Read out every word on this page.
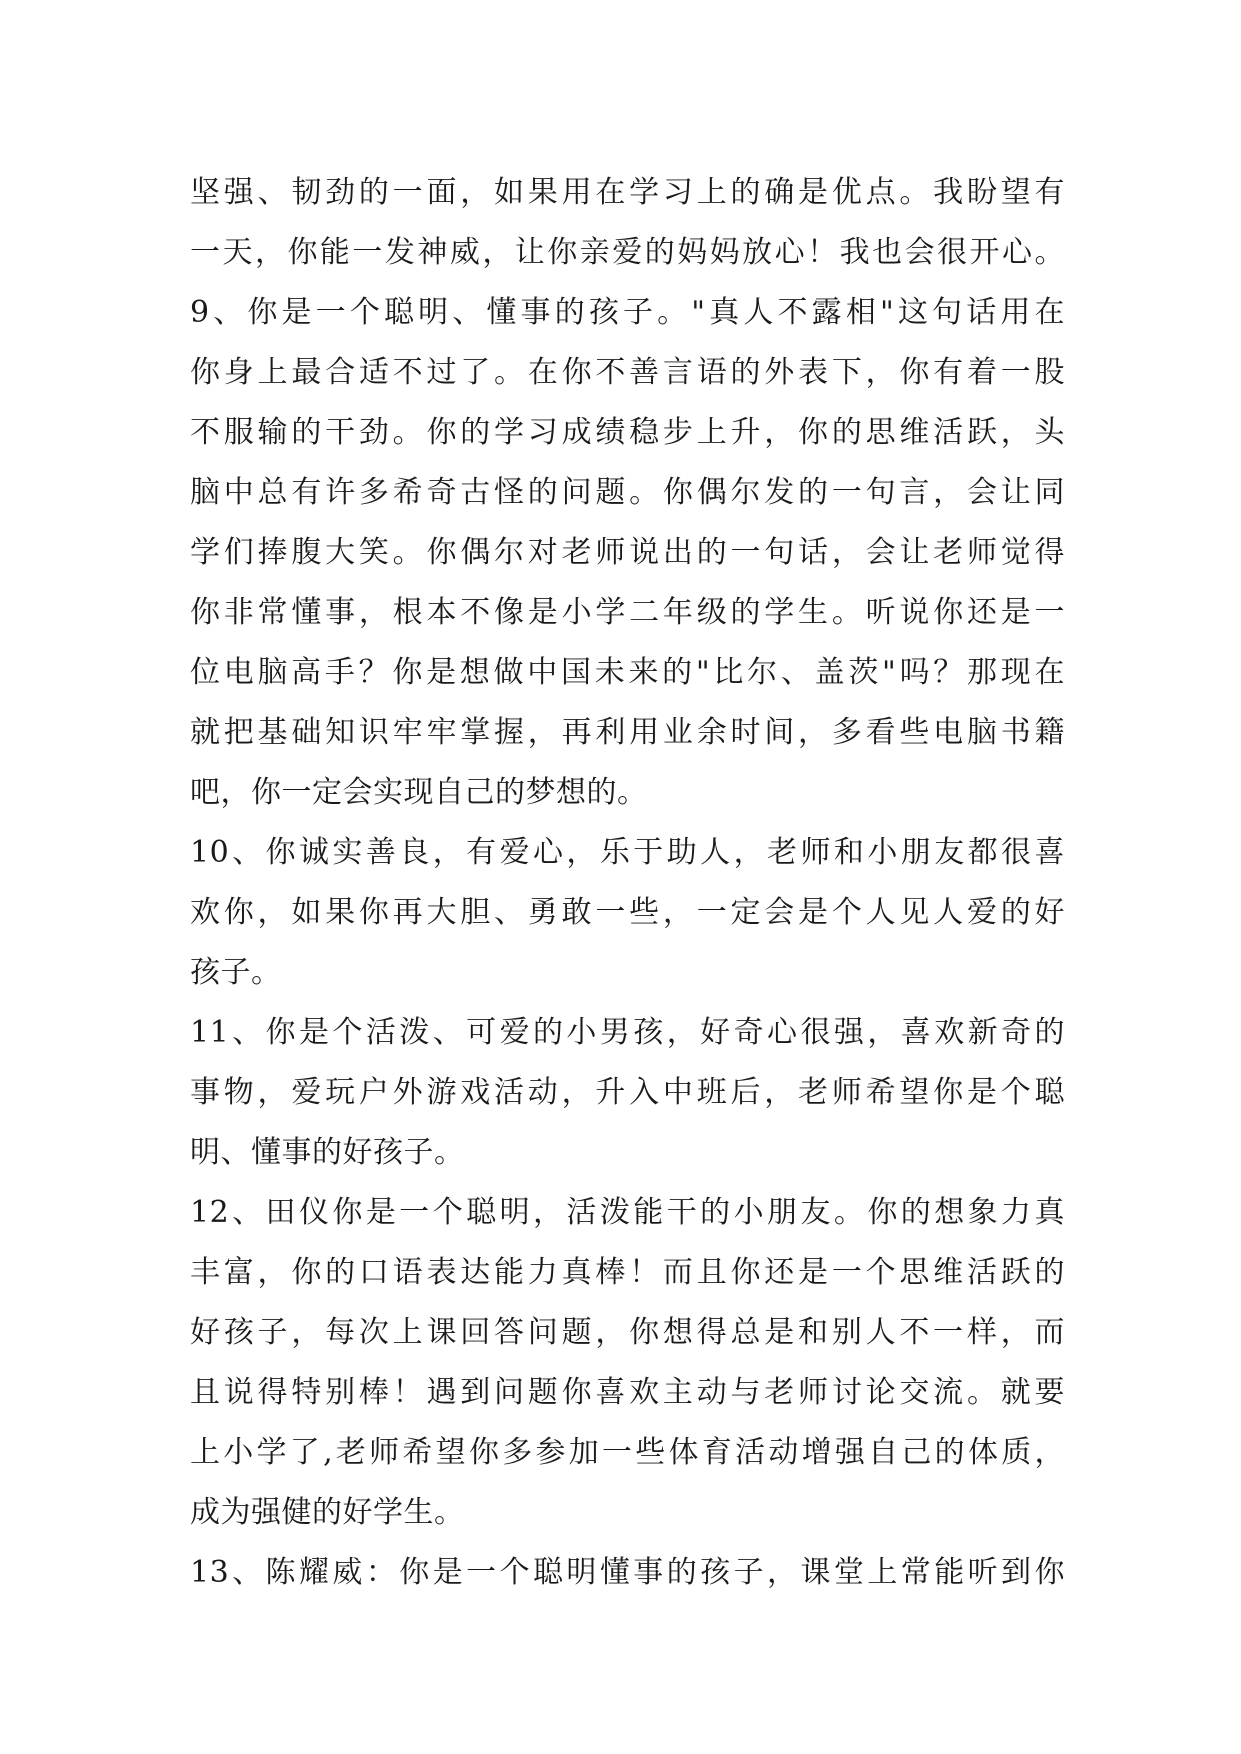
坚强、韧劲的一面，如果用在学习上的确是优点。我盼望有
一天，你能一发神威，让你亲爱的妈妈放心！我也会很开心。
9、你是一个聪明、懂事的孩子。"真人不露相"这句话用在
你身上最合适不过了。在你不善言语的外表下，你有着一股
不服输的干劲。你的学习成绩稳步上升，你的思维活跃，头
脑中总有许多希奇古怪的问题。你偶尔发的一句言，会让同
学们捧腹大笑。你偶尔对老师说出的一句话，会让老师觉得
你非常懂事，根本不像是小学二年级的学生。听说你还是一
位电脑高手？你是想做中国未来的"比尔、盖茨"吗？那现在
就把基础知识牢牢掌握，再利用业余时间，多看些电脑书籍
吧，你一定会实现自己的梦想的。
10、你诚实善良，有爱心，乐于助人，老师和小朋友都很喜
欢你，如果你再大胆、勇敢一些，一定会是个人见人爱的好
孩子。
11、你是个活泼、可爱的小男孩，好奇心很强，喜欢新奇的
事物，爱玩户外游戏活动，升入中班后，老师希望你是个聪
明、懂事的好孩子。
12、田仪你是一个聪明，活泼能干的小朋友。你的想象力真
丰富，你的口语表达能力真棒！而且你还是一个思维活跃的
好孩子，每次上课回答问题，你想得总是和别人不一样，而
且说得特别棒！遇到问题你喜欢主动与老师讨论交流。就要
上小学了,老师希望你多参加一些体育活动增强自己的体质，
成为强健的好学生。
13、陈耀威：你是一个聪明懂事的孩子，课堂上常能听到你
